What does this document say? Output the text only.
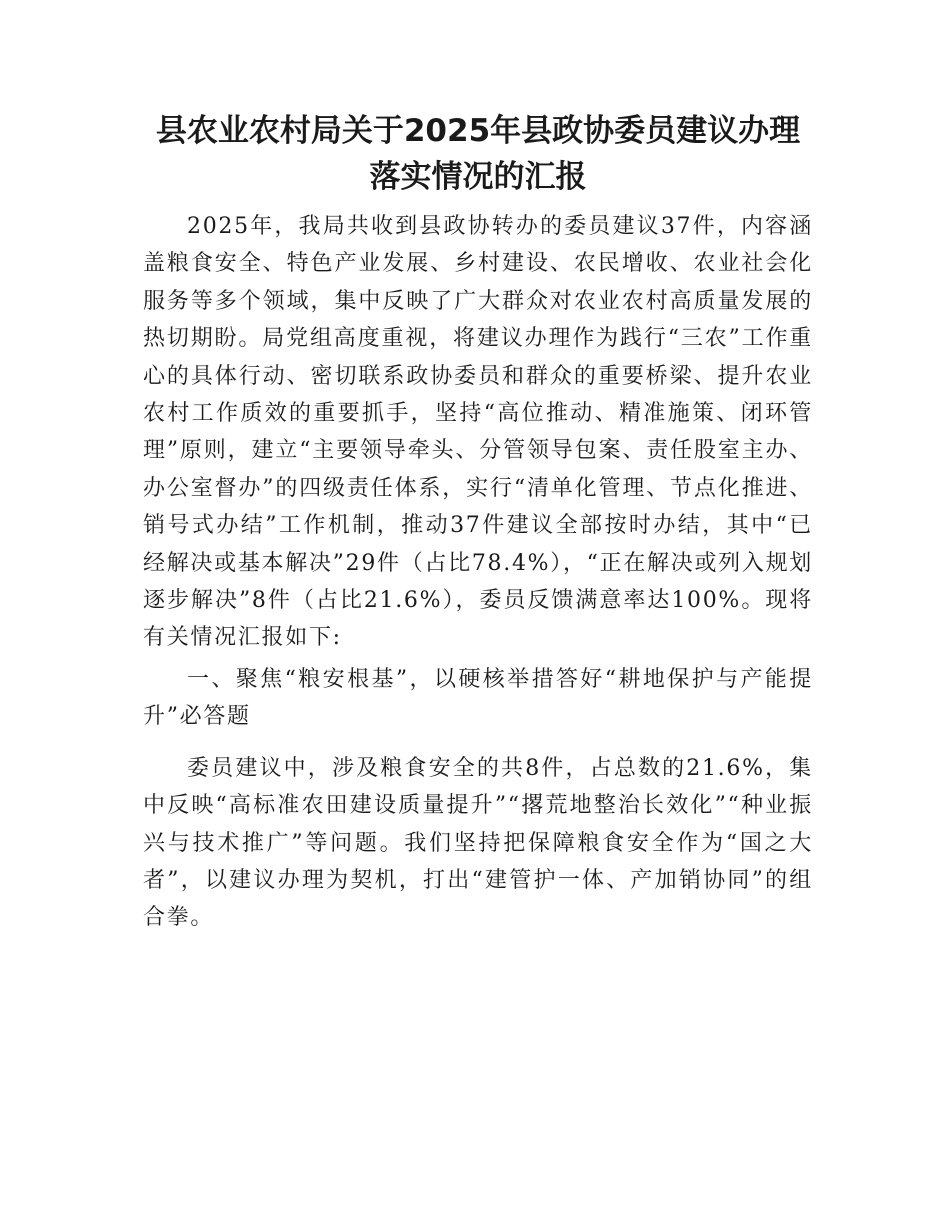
县农业农村局关于2025年县政协委员建议办理
落实情况的汇报

2025年，我局共收到县政协转办的委员建议37件，内容涵盖粮食安全、特色产业发展、乡村建设、农民增收、农业社会化服务等多个领域，集中反映了广大群众对农业农村高质量发展的热切期盼。局党组高度重视，将建议办理作为践行“三农”工作重心的具体行动、密切联系政协委员和群众的重要桥梁、提升农业农村工作质效的重要抓手，坚持“高位推动、精准施策、闭环管理”原则，建立“主要领导牵头、分管领导包案、责任股室主办、办公室督办”的四级责任体系，实行“清单化管理、节点化推进、销号式办结”工作机制，推动37件建议全部按时办结，其中“已经解决或基本解决”29件（占比78.4%），“正在解决或列入规划逐步解决”8件（占比21.6%），委员反馈满意率达100%。现将有关情况汇报如下:

一、聚焦“粮安根基”，以硬核举措答好“耕地保护与产能提升”必答题

委员建议中，涉及粮食安全的共8件，占总数的21.6%，集中反映“高标准农田建设质量提升”“撂荒地整治长效化”“种业振兴与技术推广”等问题。我们坚持把保障粮食安全作为“国之大者”，以建议办理为契机，打出“建管护一体、产加销协同”的组合拳。
